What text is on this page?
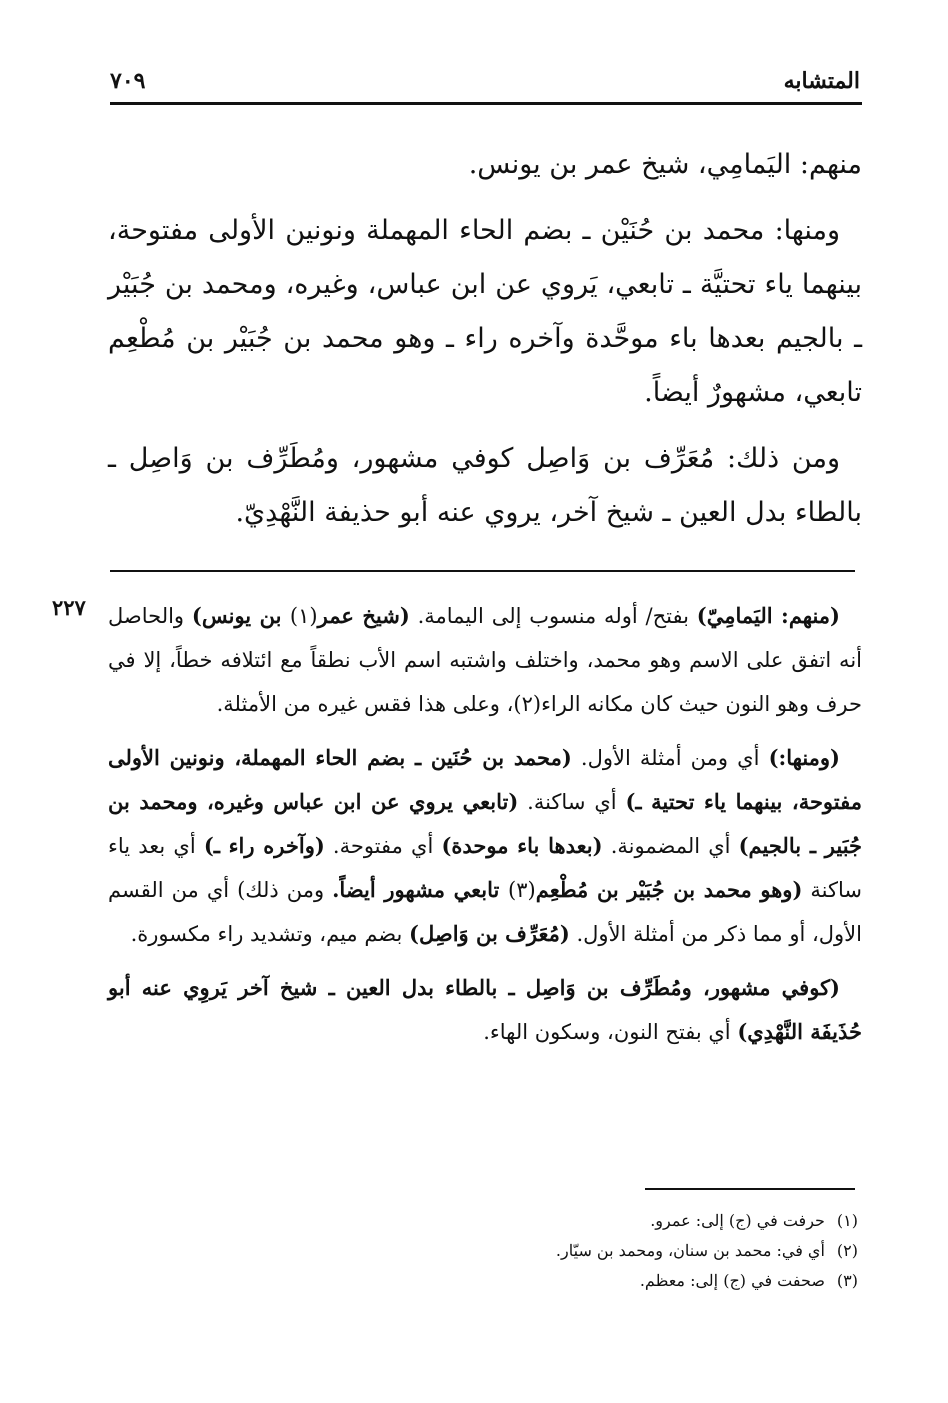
المتشابه
٧٠٩

منهم: اليَمامِي، شيخ عمر بن يونس.

ومنها: محمد بن حُنَيْن ـ بضم الحاء المهملة ونونين الأولى مفتوحة، بينهما ياء تحتيَّة ـ تابعي، يَروي عن ابن عباس، وغيره، ومحمد بن جُبَيْر ـ بالجيم بعدها باء موحَّدة وآخره راء ـ وهو محمد بن جُبَيْر بن مُطْعِم تابعي، مشهورٌ أيضاً.

ومن ذلك: مُعَرِّف بن وَاصِل كوفي مشهور، ومُطَرِّف بن وَاصِل ـ بالطاء بدل العين ـ شيخ آخر، يروي عنه أبو حذيفة النَّهْدِيّ.

٢٢٧	(منهم: اليَمامِيّ) بفتح/ أوله منسوب إلى اليمامة. (شيخ عمر(١) بن يونس) والحاصل أنه اتفق على الاسم وهو محمد، واختلف واشتبه اسم الأب نطقاً مع ائتلافه خطاً، إلا في حرف وهو النون حيث كان مكانه الراء(٢)، وعلى هذا فقس غيره من الأمثلة.

(ومنها:) أي ومن أمثلة الأول. (محمد بن حُنَين ـ بضم الحاء المهملة، ونونين الأولى مفتوحة، بينهما ياء تحتية ـ) أي ساكنة. (تابعي يروي عن ابن عباس وغيره، ومحمد بن جُبَير ـ بالجيم) أي المضمونة. (بعدها باء موحدة) أي مفتوحة. (وآخره راء ـ) أي بعد ياء ساكنة (وهو محمد بن جُبَيْر بن مُطْعِم(٣) تابعي مشهور أيضاً. ومن ذلك) أي من القسم الأول، أو مما ذكر من أمثلة الأول. (مُعَرِّف بن وَاصِل) بضم ميم، وتشديد راء مكسورة.

(كوفي مشهور، ومُطَرِّف بن وَاصِل ـ بالطاء بدل العين ـ شيخ آخر يَروِي عنه أبو حُذَيفَة النَّهْدِي) أي بفتح النون، وسكون الهاء.

(١)حرفت في (ج) إلى: عمرو.

(٢)أي في: محمد بن سنان، ومحمد بن سيّار.

(٣)صحفت في (ج) إلى: معظم.
